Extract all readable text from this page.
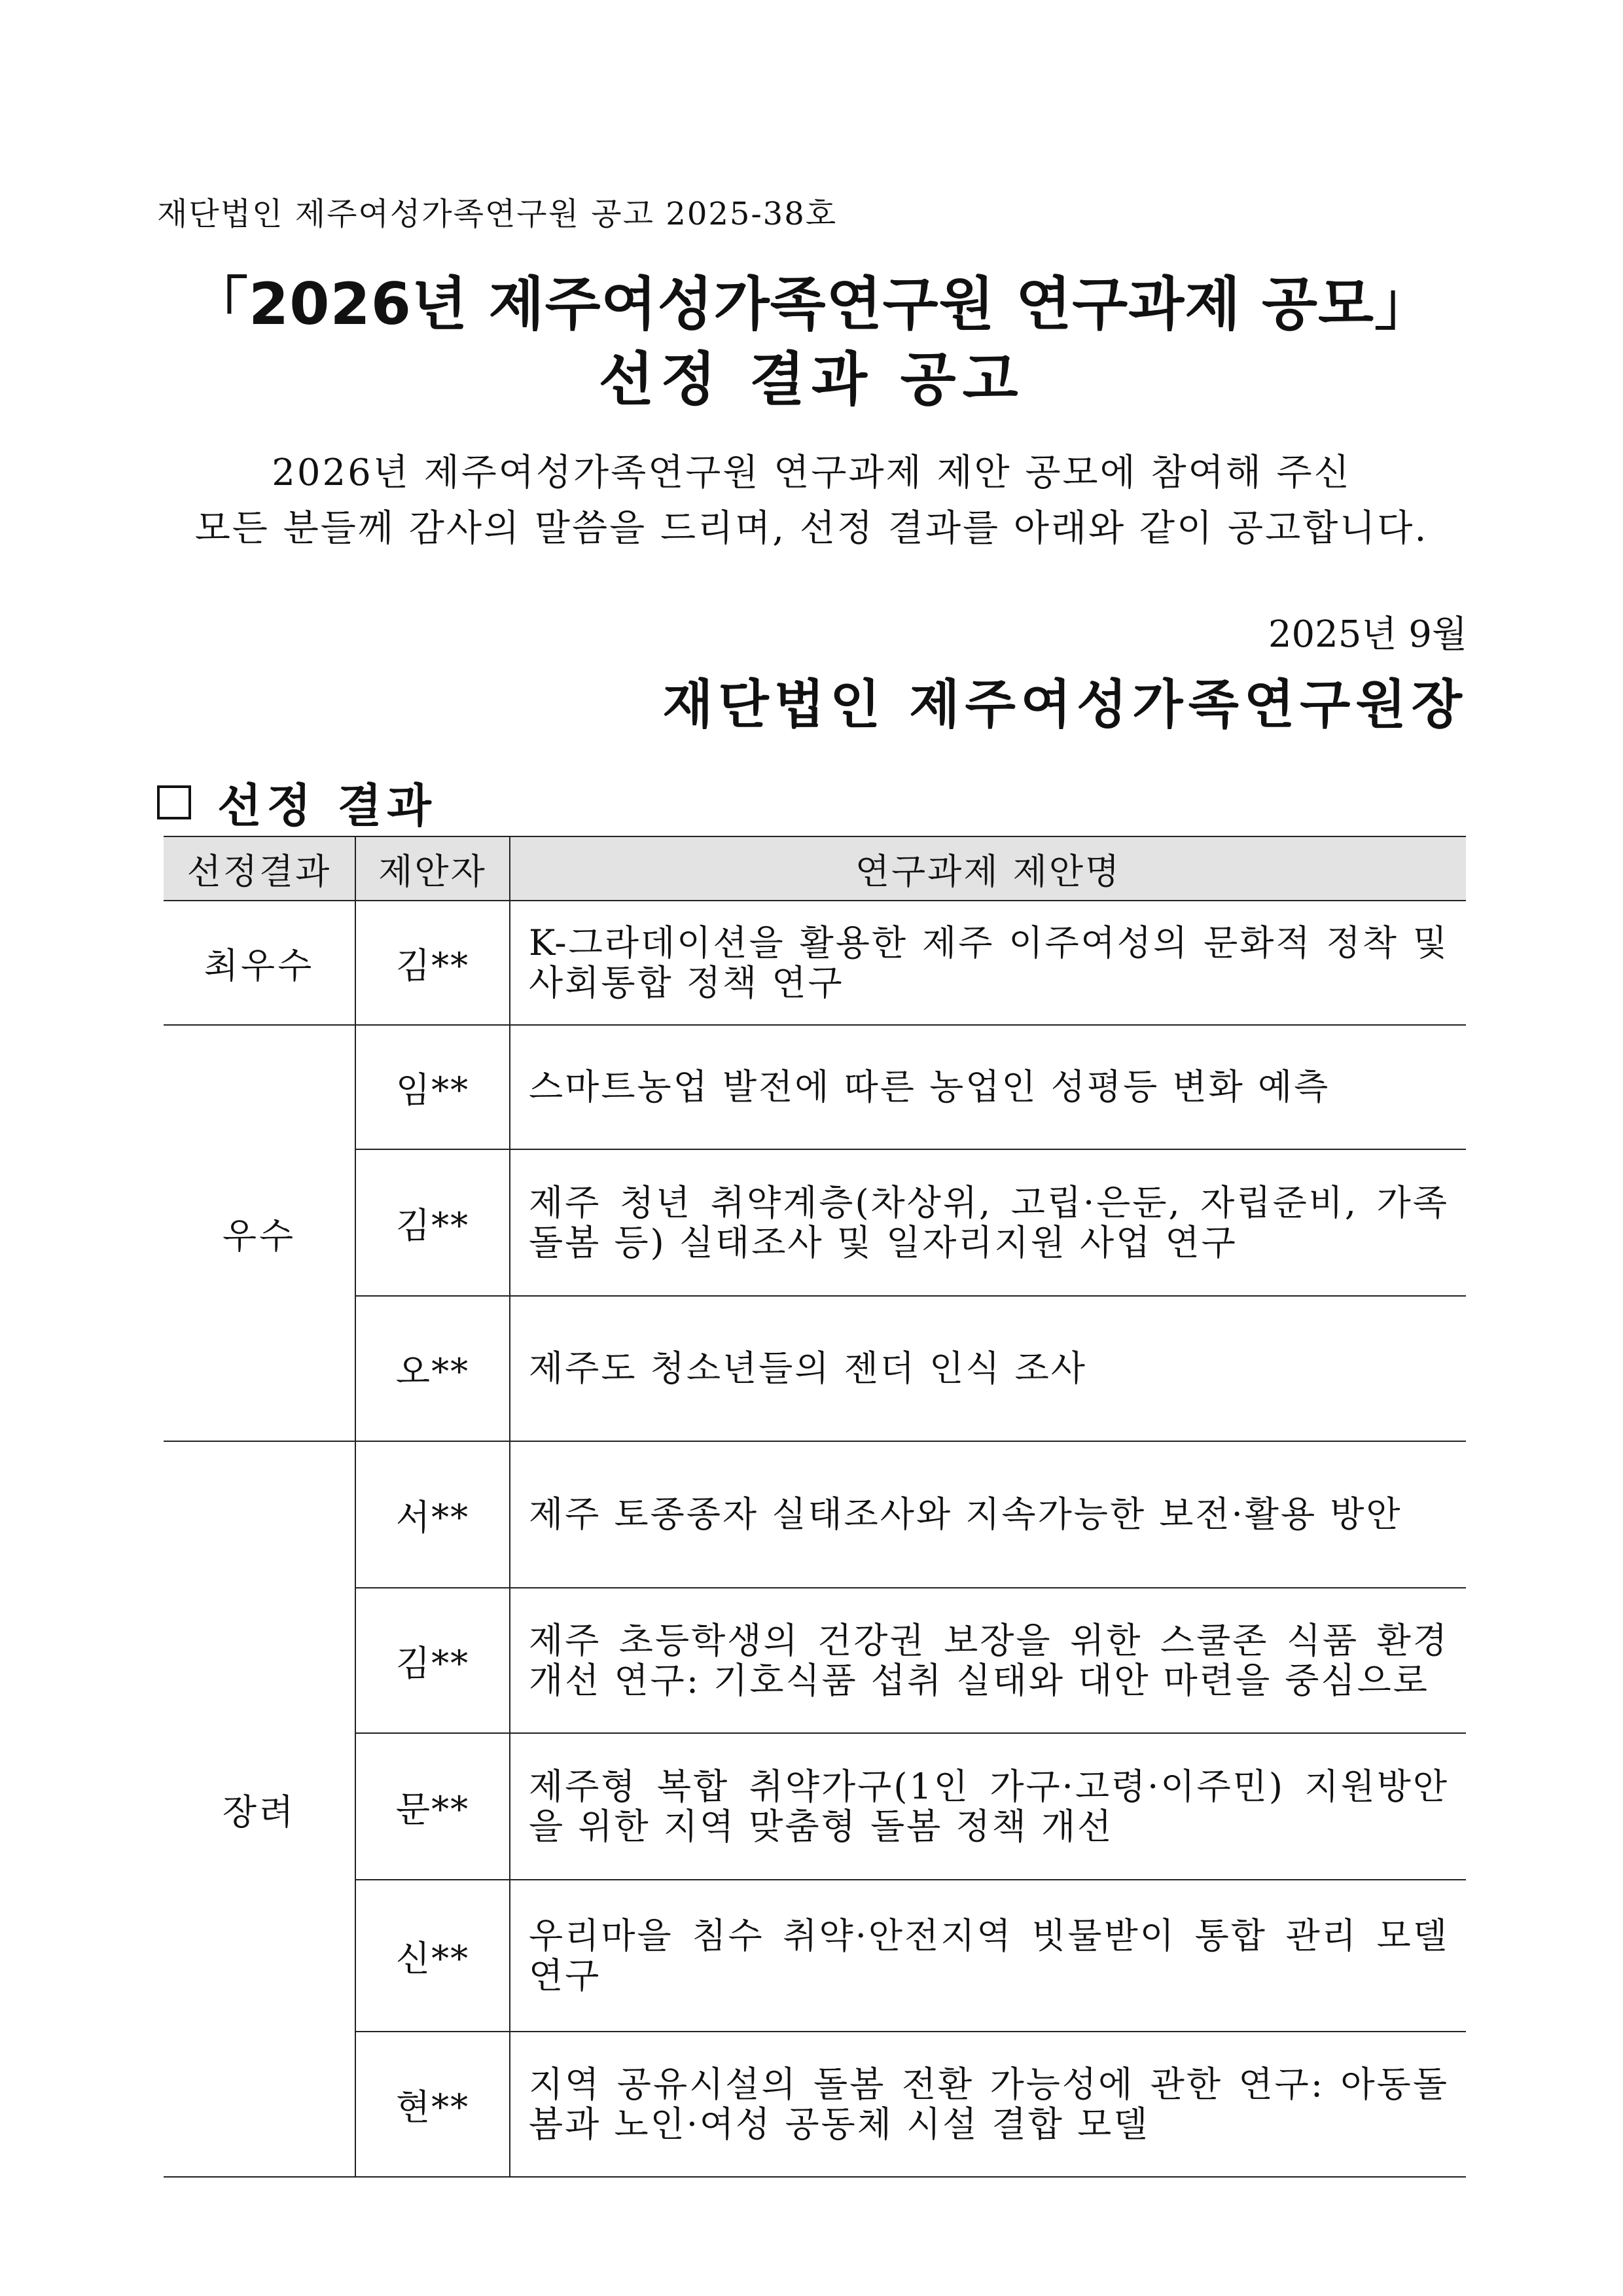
재단법인 제주여성가족연구원 공고 2025-38호
「2026년 제주여성가족연구원 연구과제 공모」
선정 결과 공고
2026년 제주여성가족연구원 연구과제 제안 공모에 참여해 주신
모든 분들께 감사의 말씀을 드리며, 선정 결과를 아래와 같이 공고합니다.
2025년 9월
재단법인 제주여성가족연구원장
선정 결과
선정결과	제안자	연구과제 제안명
최우수	김**	K-그라데이션을 활용한 제주 이주여성의 문화적 정착 및 사회통합 정책 연구
우수	임**	스마트농업 발전에 따른 농업인 성평등 변화 예측
	김**	제주 청년 취약계층(차상위, 고립·은둔, 자립준비, 가족돌봄 등) 실태조사 및 일자리지원 사업 연구
	오**	제주도 청소년들의 젠더 인식 조사
장려	서**	제주 토종종자 실태조사와 지속가능한 보전·활용 방안
	김**	제주 초등학생의 건강권 보장을 위한 스쿨존 식품 환경 개선 연구: 기호식품 섭취 실태와 대안 마련을 중심으로
	문**	제주형 복합 취약가구(1인 가구·고령·이주민) 지원방안을 위한 지역 맞춤형 돌봄 정책 개선
	신**	우리마을 침수 취약·안전지역 빗물받이 통합 관리 모델 연구
	현**	지역 공유시설의 돌봄 전환 가능성에 관한 연구: 아동돌봄과 노인·여성 공동체 시설 결합 모델
